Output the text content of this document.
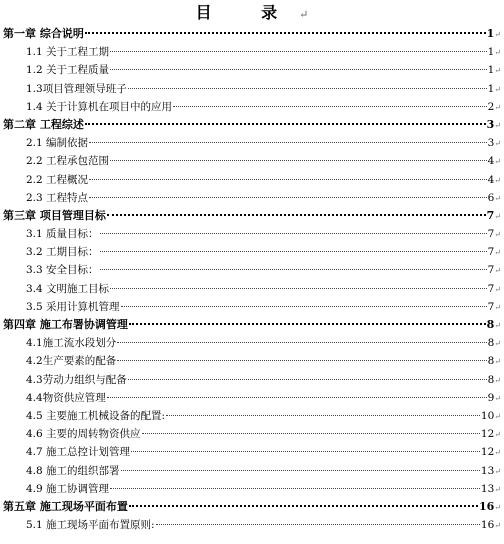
目 录↵
第一章 综合说明	1 ↵
1.1 关于工程工期	1 ↵
1.2 关于工程质量	1 ↵
1.3项目管理领导班子	1 ↵
1.4 关于计算机在项目中的应用	2 ↵
第二章 工程综述	3 ↵
2.1 编制依据	3 ↵
2.2 工程承包范围	4 ↵
2.2 工程概况	4 ↵
2.3 工程特点	6 ↵
第三章 项目管理目标	7 ↵
3.1 质量目标：	7 ↵
3.2 工期目标：	7 ↵
3.3 安全目标：	7 ↵
3.4 文明施工目标	7 ↵
3.5 采用计算机管理	7 ↵
第四章 施工布署协调管理	8 ↵
4.1施工流水段划分	8 ↵
4.2生产要素的配备	8 ↵
4.3劳动力组织与配备	8 ↵
4.4物资供应管理	9 ↵
4.5 主要施工机械设备的配置:	10 ↵
4.6 主要的周转物资供应	12 ↵
4.7 施工总控计划管理	12 ↵
4.8 施工的组织部署	13 ↵
4.9 施工协调管理	13 ↵
第五章 施工现场平面布置	16 ↵
5.1 施工现场平面布置原则:	16 ↵
